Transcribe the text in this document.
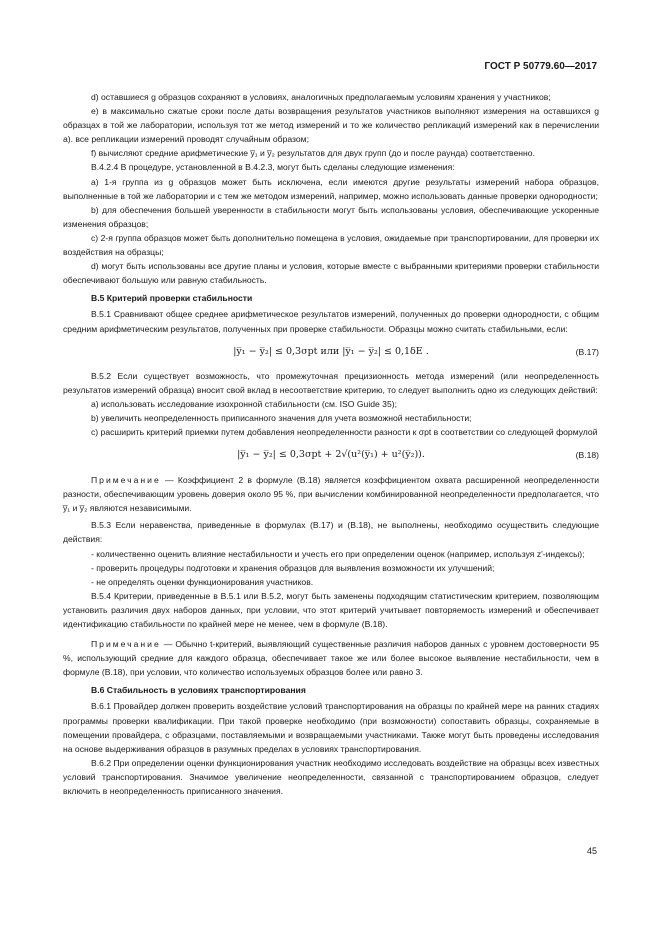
ГОСТ Р 50779.60—2017

d) оставшиеся g образцов сохраняют в условиях, аналогичных предполагаемым условиям хранения у участников;

e) в максимально сжатые сроки после даты возвращения результатов участников выполняют измерения на оставшихся g образцах в той же лаборатории, используя тот же метод измерений и то же количество репликаций измерений как в перечислении а). все репликации измерений проводят случайным образом;

f) вычисляют средние арифметические y̅₁ и y̅₂ результатов для двух групп (до и после раунда) соответственно.

B.4.2.4 В процедуре, установленной в B.4.2.3, могут быть сделаны следующие изменения:

a) 1-я группа из g образцов может быть исключена, если имеются другие результаты измерений набора образцов, выполненные в той же лаборатории и с тем же методом измерений, например, можно использовать данные проверки однородности;

b) для обеспечения большей уверенности в стабильности могут быть использованы условия, обеспечивающие ускоренные изменения образцов;

c) 2-я группа образцов может быть дополнительно помещена в условия, ожидаемые при транспортировании, для проверки их воздействия на образцы;

d) могут быть использованы все другие планы и условия, которые вместе с выбранными критериями проверки стабильности обеспечивают большую или равную стабильность.

B.5 Критерий проверки стабильности

B.5.1 Сравнивают общее среднее арифметическое результатов измерений, полученных до проверки однородности, с общим средним арифметическим результатов, полученных при проверке стабильности. Образцы можно считать стабильными, если:

|y̅₁ − y̅₂| ≤ 0,3σpt или |y̅₁ − y̅₂| ≤ 0,1δE .	(B.17)

B.5.2 Если существует возможность, что промежуточная прецизионность метода измерений (или неопределенность результатов измерений образца) вносит свой вклад в несоответствие критерию, то следует выполнить одно из следующих действий:

a) использовать исследование изохронной стабильности (см. ISO Guide 35);

b) увеличить неопределенность приписанного значения для учета возможной нестабильности;

c) расширить критерий приемки путем добавления неопределенности разности к σpt в соответствии со следующей формулой

|y̅₁ − y̅₂| ≤ 0,3σpt + 2√(u²(y̅₁) + u²(y̅₂)).	(B.18)

Примечание — Коэффициент 2 в формуле (B.18) является коэффициентом охвата расширенной неопределенности разности, обеспечивающим уровень доверия около 95 %, при вычислении комбинированной неопределенности предполагается, что y̅₁ и y̅₂ являются независимыми.

B.5.3 Если неравенства, приведенные в формулах (B.17) и (B.18), не выполнены, необходимо осуществить следующие действия:

- количественно оценить влияние нестабильности и учесть его при определении оценок (например, используя z'-индексы);

- проверить процедуры подготовки и хранения образцов для выявления возможности их улучшений;

- не определять оценки функционирования участников.

B.5.4 Критерии, приведенные в B.5.1 или B.5.2, могут быть заменены подходящим статистическим критерием, позволяющим установить различия двух наборов данных, при условии, что этот критерий учитывает повторяемость измерений и обеспечивает идентификацию стабильности по крайней мере не менее, чем в формуле (B.18).

Примечание — Обычно t-критерий, выявляющий существенные различия наборов данных с уровнем достоверности 95 %, использующий средние для каждого образца, обеспечивает такое же или более высокое выявление нестабильности, чем в формуле (B.18), при условии, что количество используемых образцов более или равно 3.

B.6 Стабильность в условиях транспортирования

B.6.1 Провайдер должен проверить воздействие условий транспортирования на образцы по крайней мере на ранних стадиях программы проверки квалификации. При такой проверке необходимо (при возможности) сопоставить образцы, сохраняемые в помещении провайдера, с образцами, поставляемыми и возвращаемыми участниками. Также могут быть проведены исследования на основе выдерживания образцов в разумных пределах в условиях транспортирования.

B.6.2 При определении оценки функционирования участник необходимо исследовать воздействие на образцы всех известных условий транспортирования. Значимое увеличение неопределенности, связанной с транспортированием образцов, следует включить в неопределенность приписанного значения.

45
